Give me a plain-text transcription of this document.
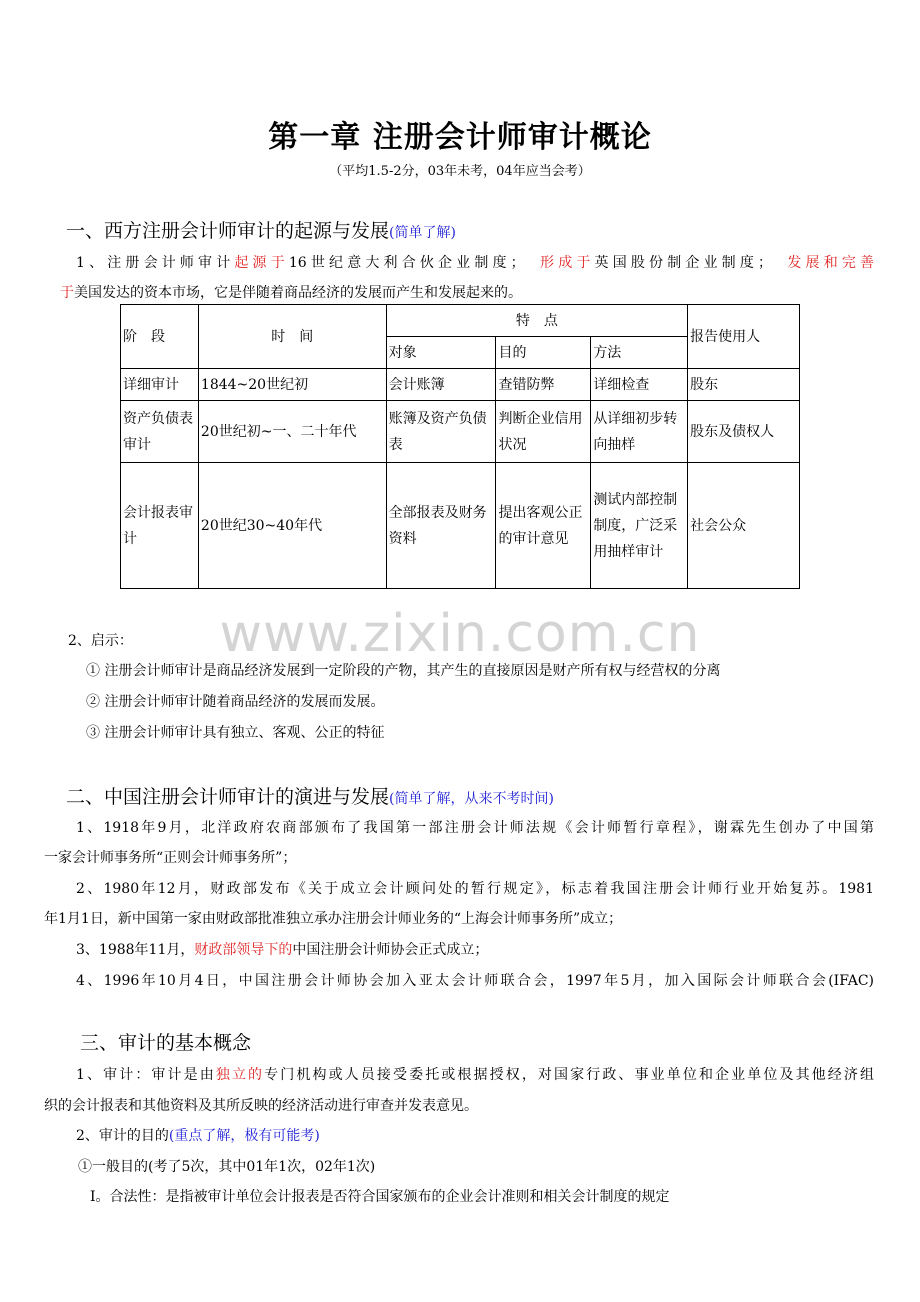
第一章 注册会计师审计概论
（平均1.5-2分，03年未考，04年应当会考）
一、西方注册会计师审计的起源与发展(简单了解)
1、注册会计师审计起源于16世纪意大利合伙企业制度；　 形成于英国股份制企业制度；　 发展和完善
于美国发达的资本市场，它是伴随着商品经济的发展而产生和发展起来的。
阶　段	时　间	特　点			报告使用人
		对象	目的	方法	
详细审计	1844~20世纪初	会计账簿	查错防弊	详细检查	股东
资产负债表审计	20世纪初~一、二十年代	账簿及资产负债表	判断企业信用状况	从详细初步转向抽样	股东及债权人
会计报表审计	20世纪30~40年代	全部报表及财务资料	提出客观公正的审计意见	测试内部控制制度，广泛采用抽样审计	社会公众
www.zixin.com.cn
2、启示：
① 注册会计师审计是商品经济发展到一定阶段的产物，其产生的直接原因是财产所有权与经营权的分离
② 注册会计师审计随着商品经济的发展而发展。
③ 注册会计师审计具有独立、客观、公正的特征
二、中国注册会计师审计的演进与发展(简单了解，从来不考时间)
1、1918年9月，北洋政府农商部颁布了我国第一部注册会计师法规《会计师暂行章程》，谢霖先生创办了中国第
一家会计师事务所“正则会计师事务所”；
2、1980年12月，财政部发布《关于成立会计顾问处的暂行规定》，标志着我国注册会计师行业开始复苏。1981
年1月1日，新中国第一家由财政部批准独立承办注册会计师业务的“上海会计师事务所”成立；
3、1988年11月，财政部领导下的中国注册会计师协会正式成立；
4、1996年10月4日，中国注册会计师协会加入亚太会计师联合会，1997年5月，加入国际会计师联合会(IFAC)
三、审计的基本概念
1、审计：审计是由独立的专门机构或人员接受委托或根据授权，对国家行政、事业单位和企业单位及其他经济组
织的会计报表和其他资料及其所反映的经济活动进行审查并发表意见。
2、审计的目的(重点了解，极有可能考)
①一般目的(考了5次，其中01年1次，02年1次)
Ⅰ。合法性：是指被审计单位会计报表是否符合国家颁布的企业会计准则和相关会计制度的规定
